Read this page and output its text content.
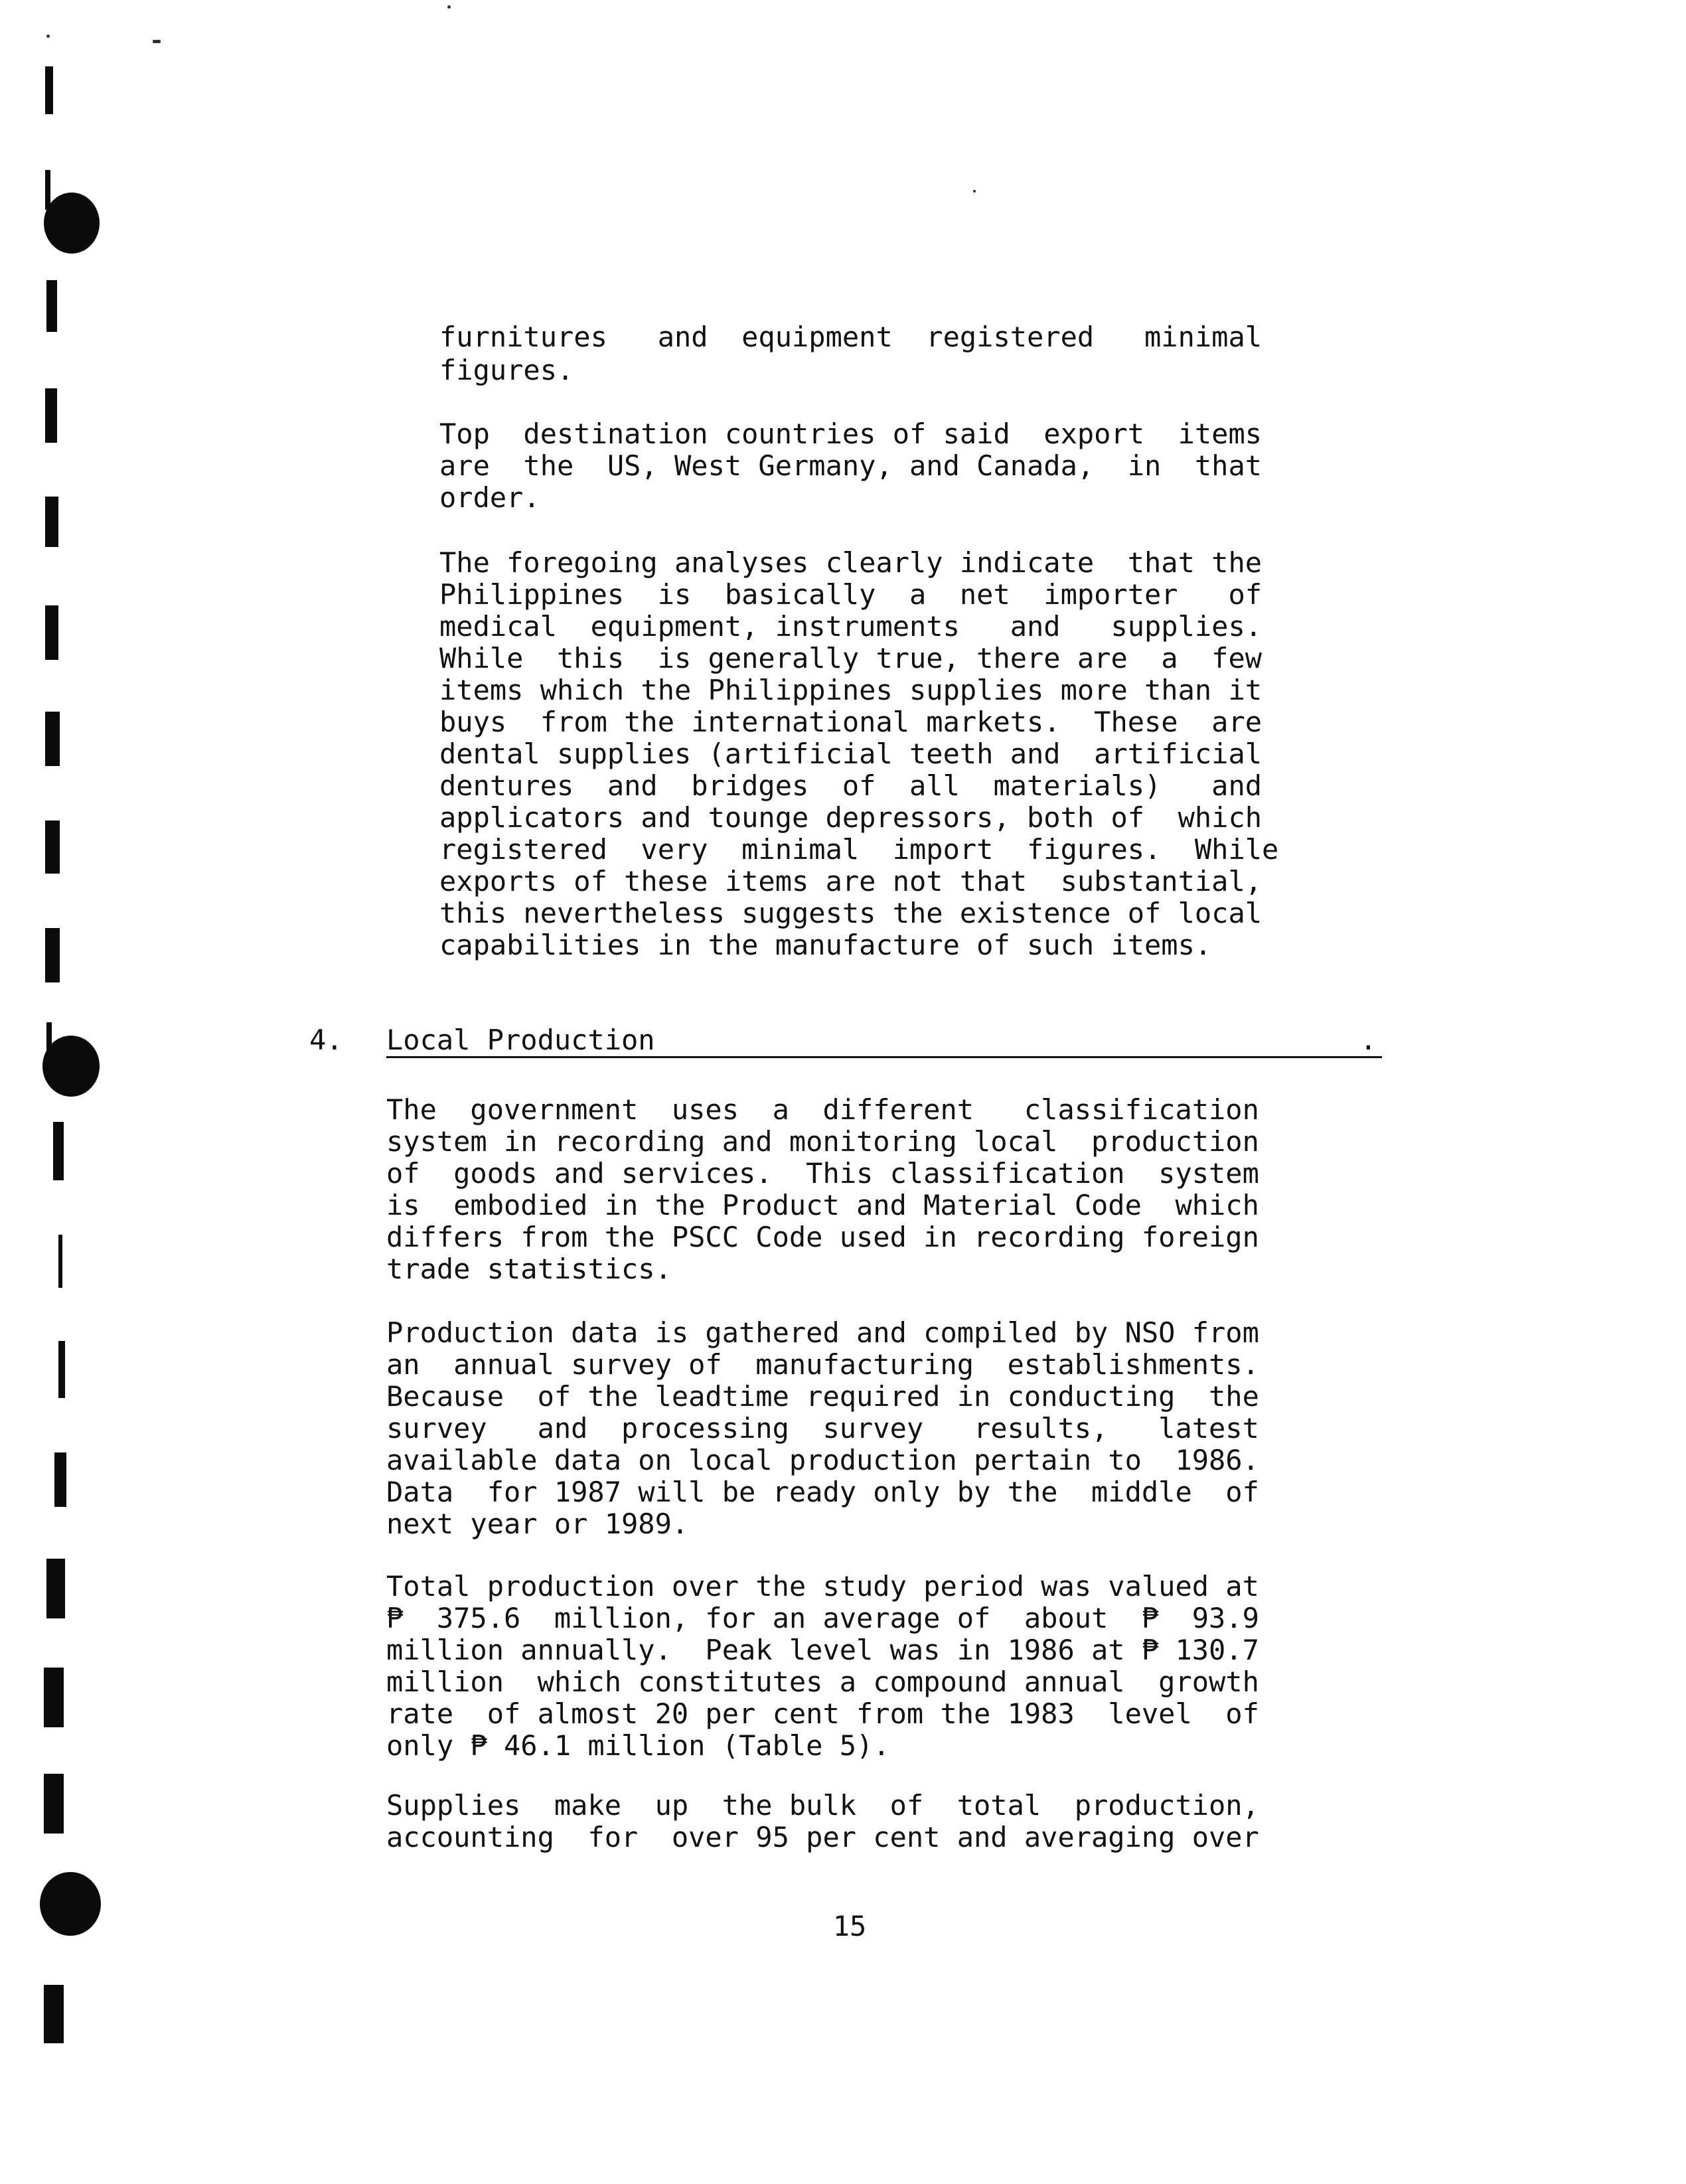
furnitures   and  equipment  registered   minimal
figures.
Top  destination countries of said  export  items
are  the  US, West Germany, and Canada,  in  that
order.
The foregoing analyses clearly indicate  that the
Philippines  is  basically  a  net  importer   of
medical  equipment, instruments   and   supplies.
While  this  is generally true, there are  a  few
items which the Philippines supplies more than it
buys  from the international markets.  These  are
dental supplies (artificial teeth and  artificial
dentures  and  bridges  of  all  materials)   and
applicators and tounge depressors, both of  which
registered  very  minimal  import  figures.  While
exports of these items are not that  substantial,
this nevertheless suggests the existence of local
capabilities in the manufacture of such items.
4. Local Production	.
The  government  uses  a  different   classification
system in recording and monitoring local  production
of  goods and services.  This classification  system
is  embodied in the Product and Material Code  which
differs from the PSCC Code used in recording foreign
trade statistics.
Production data is gathered and compiled by NSO from
an  annual survey of  manufacturing  establishments.
Because  of the leadtime required in conducting  the
survey   and  processing  survey   results,   latest
available data on local production pertain to  1986.
Data  for 1987 will be ready only by the  middle  of
next year or 1989.
Total production over the study period was valued at
₱  375.6  million, for an average of  about  ₱  93.9
million annually.  Peak level was in 1986 at ₱ 130.7
million  which constitutes a compound annual  growth
rate  of almost 20 per cent from the 1983  level  of
only ₱ 46.1 million (Table 5).
Supplies  make  up  the bulk  of  total  production,
accounting  for  over 95 per cent and averaging over
15
